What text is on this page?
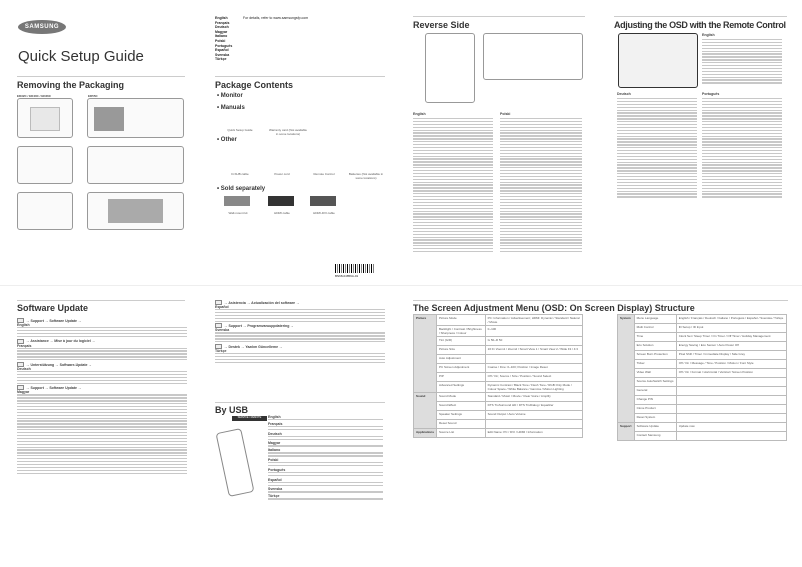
SAMSUNG
Quick Setup Guide
Removing the Packaging
ED32C / ED40C / ED46C	ED55C
English	For details, refer to www.samsungsfp.com
Français
Deutsch
Magyar
Italiano
Polski
Português
Español
Svenska
Türkçe
Package Contents
• Monitor
• Manuals
Quick Setup Guide	Warranty card (Not available in some locations)
• Other
D-SUB cable	Power cord	Remote Control	Batteries (Not available in some locations)
• Sold separately
Wall-mount kit	HDMI cable	HDMI-DVI cable
BN68-04859A-01
Reverse Side
English	Polski
Adjusting the OSD with the Remote Control
English
Deutsch	Português
Software Update
→ Support → Software Update →
English
→ Assistance → Mise à jour du logiciel →
Français
→ Unterstützung → Software-Update →
Deutsch
→ Support → Software Update →
Magyar
→ Asistencia → Actualización del software →
Español
→ Support → Programvaruuppdatering →
Svenska
→ Destek → Yazılım Güncelleme →
Türkçe
By USB
SERVICE / REMOTE	English
Français
Deutsch
Magyar
Italiano
Polski
Português
Español
Svenska
Türkçe
The Screen Adjustment Menu (OSD: On Screen Display) Structure
Picture	Picture Mode	PC: Information / Advertisement; HDMI: Dynamic / Standard / Natural / Movie
	Backlight / Contrast / Brightness / Sharpness / Colour	0~100
	Tint (G/R)	G 50~R 50
	Picture Size	16:9 / Zoom1 / Zoom2 / Smart View 1 / Smart View 2 / Wide Fit / 4:3
	Auto Adjustment	
	PC Screen Adjustment	Coarse / Fine: 0~100; Position / Image Reset
	PIP	Off / On; Source / Size / Position / Sound Select
	Advanced Settings	Dynamic Contrast / Black Tone / Flesh Tone / RGB Only Mode / Colour Space / White Balance / Gamma / Motion Lighting
Sound	Sound Mode	Standard / Music / Movie / Clear Voice / Amplify
	Sound Effect	DTS TruSurround HD / DTS TruDialog / Equalizer
	Speaker Settings	Sound Output / Auto Volume
	Reset Sound	
Applications	Source List	Edit Name: PC / DVI / HDMI / Information
System	Menu Language	English / Français / Deutsch / Italiano / Português / Español / Svenska / Türkçe
	Multi Control	ID Setup / ID Input
	Time	Clock Set / Sleep Timer / On Timer / Off Timer / Holiday Management
	Eco Solution	Energy Saving / Eco Sensor / Auto Power Off
	Screen Burn Protection	Pixel Shift / Timer / Immediate Display / Side Grey
	Ticker	Off / On / Message / Time / Position / Motion / Font Style
	Video Wall	Off / On / Format / Horizontal / Vertical / Screen Position
	Source AutoSwitch Settings	
	General	
	Change PIN	
	Clone Product	
	Reset System	
Support	Software Update	Update now
	Contact Samsung	
